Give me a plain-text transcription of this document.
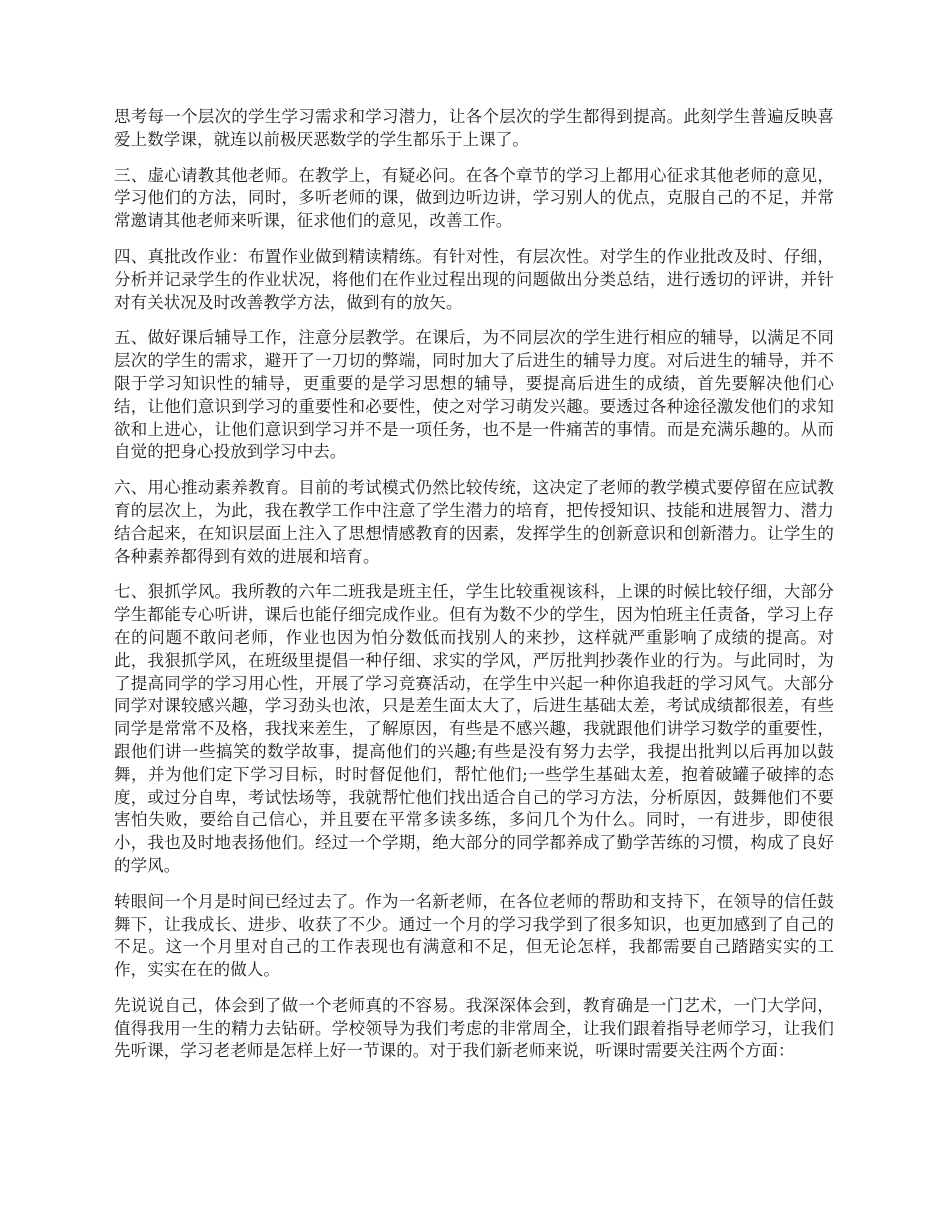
思考每一个层次的学生学习需求和学习潜力，让各个层次的学生都得到提高。此刻学生普遍反映喜爱上数学课，就连以前极厌恶数学的学生都乐于上课了。

三、虚心请教其他老师。在教学上，有疑必问。在各个章节的学习上都用心征求其他老师的意见，学习他们的方法，同时，多听老师的课，做到边听边讲，学习别人的优点，克服自己的不足，并常常邀请其他老师来听课，征求他们的意见，改善工作。

四、真批改作业：布置作业做到精读精练。有针对性，有层次性。对学生的作业批改及时、仔细，分析并记录学生的作业状况，将他们在作业过程出现的问题做出分类总结，进行透切的评讲，并针对有关状况及时改善教学方法，做到有的放矢。

五、做好课后辅导工作，注意分层教学。在课后，为不同层次的学生进行相应的辅导，以满足不同层次的学生的需求，避开了一刀切的弊端，同时加大了后进生的辅导力度。对后进生的辅导，并不限于学习知识性的辅导，更重要的是学习思想的辅导，要提高后进生的成绩，首先要解决他们心结，让他们意识到学习的重要性和必要性，使之对学习萌发兴趣。要透过各种途径激发他们的求知欲和上进心，让他们意识到学习并不是一项任务，也不是一件痛苦的事情。而是充满乐趣的。从而自觉的把身心投放到学习中去。

六、用心推动素养教育。目前的考试模式仍然比较传统，这决定了老师的教学模式要停留在应试教育的层次上，为此，我在教学工作中注意了学生潜力的培育，把传授知识、技能和进展智力、潜力结合起来，在知识层面上注入了思想情感教育的因素，发挥学生的创新意识和创新潜力。让学生的各种素养都得到有效的进展和培育。

七、狠抓学风。我所教的六年二班我是班主任，学生比较重视该科，上课的时候比较仔细，大部分学生都能专心听讲，课后也能仔细完成作业。但有为数不少的学生，因为怕班主任责备，学习上存在的问题不敢问老师，作业也因为怕分数低而找别人的来抄，这样就严重影响了成绩的提高。对此，我狠抓学风，在班级里提倡一种仔细、求实的学风，严厉批判抄袭作业的行为。与此同时，为了提高同学的学习用心性，开展了学习竞赛活动，在学生中兴起一种你追我赶的学习风气。大部分同学对课较感兴趣，学习劲头也浓，只是差生面太大了，后进生基础太差，考试成绩都很差，有些同学是常常不及格，我找来差生，了解原因，有些是不感兴趣，我就跟他们讲学习数学的重要性，跟他们讲一些搞笑的数学故事，提高他们的兴趣;有些是没有努力去学，我提出批判以后再加以鼓舞，并为他们定下学习目标，时时督促他们，帮忙他们;一些学生基础太差，抱着破罐子破摔的态度，或过分自卑，考试怯场等，我就帮忙他们找出适合自己的学习方法，分析原因，鼓舞他们不要害怕失败，要给自己信心，并且要在平常多读多练，多问几个为什么。同时，一有进步，即使很小，我也及时地表扬他们。经过一个学期，绝大部分的同学都养成了勤学苦练的习惯，构成了良好的学风。

转眼间一个月是时间已经过去了。作为一名新老师，在各位老师的帮助和支持下，在领导的信任鼓舞下，让我成长、进步、收获了不少。通过一个月的学习我学到了很多知识，也更加感到了自己的不足。这一个月里对自己的工作表现也有满意和不足，但无论怎样，我都需要自己踏踏实实的工作，实实在在的做人。

先说说自己，体会到了做一个老师真的不容易。我深深体会到，教育确是一门艺术，一门大学问，值得我用一生的精力去钻研。学校领导为我们考虑的非常周全，让我们跟着指导老师学习，让我们先听课，学习老老师是怎样上好一节课的。对于我们新老师来说，听课时需要关注两个方面：
